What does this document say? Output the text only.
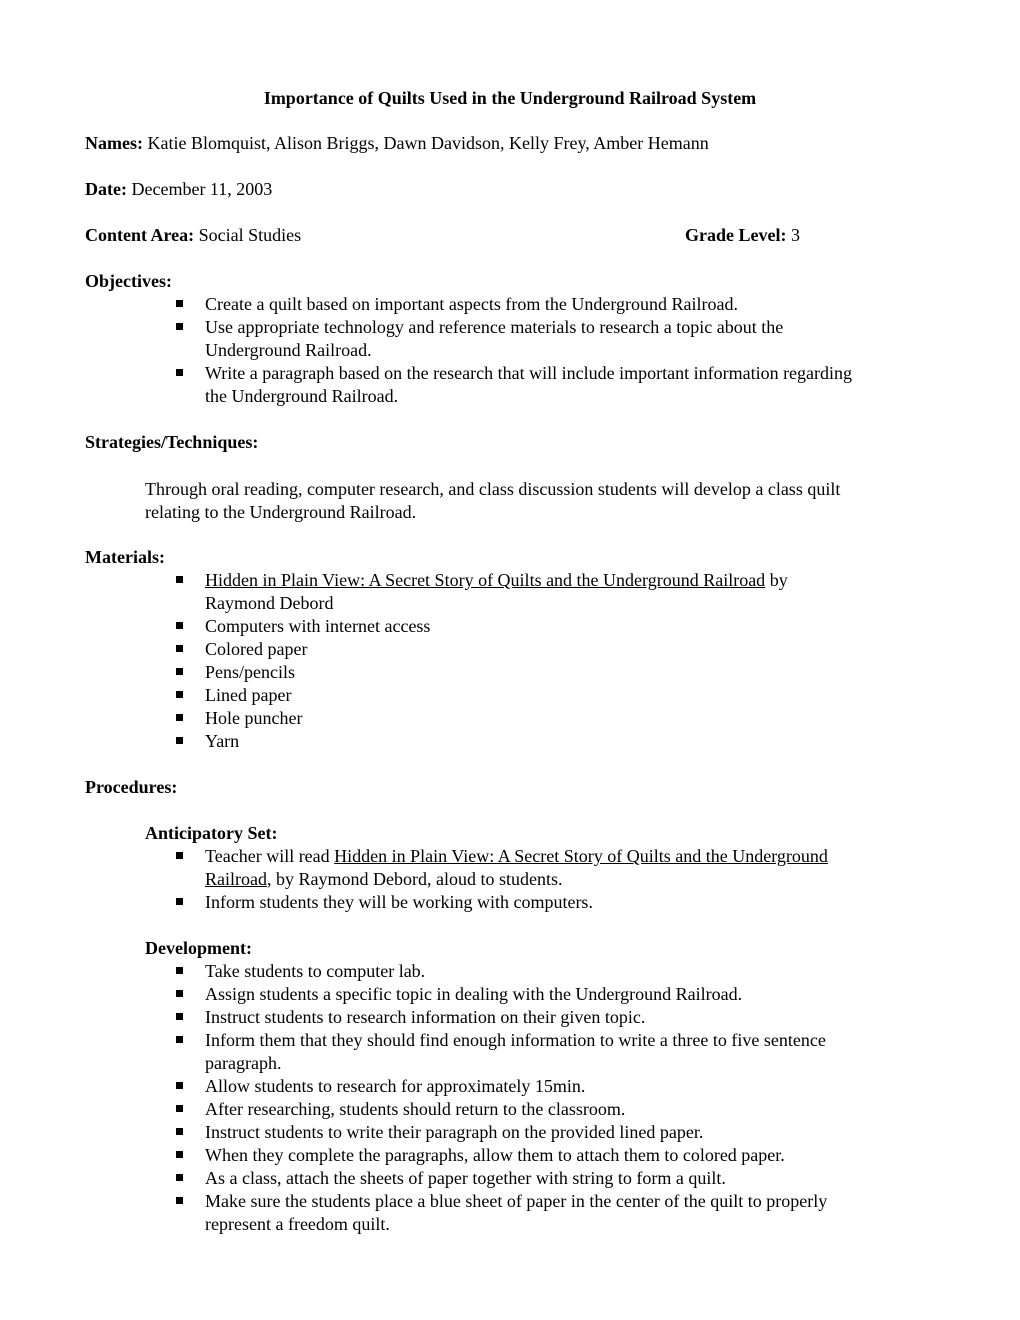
Importance of Quilts Used in the Underground Railroad System
Names: Katie Blomquist, Alison Briggs, Dawn Davidson, Kelly Frey, Amber Hemann
Date: December 11, 2003
Content Area: Social Studies	Grade Level: 3
Objectives:
Create a quilt based on important aspects from the Underground Railroad.
Use appropriate technology and reference materials to research a topic about the
Underground Railroad.
Write a paragraph based on the research that will include important information regarding
the Underground Railroad.
Strategies/Techniques:
Through oral reading, computer research, and class discussion students will develop a class quilt
relating to the Underground Railroad.
Materials:
Hidden in Plain View: A Secret Story of Quilts and the Underground Railroad by
Raymond Debord
Computers with internet access
Colored paper
Pens/pencils
Lined paper
Hole puncher
Yarn
Procedures:
Anticipatory Set:
Teacher will read Hidden in Plain View: A Secret Story of Quilts and the Underground
Railroad, by Raymond Debord, aloud to students.
Inform students they will be working with computers.
Development:
Take students to computer lab.
Assign students a specific topic in dealing with the Underground Railroad.
Instruct students to research information on their given topic.
Inform them that they should find enough information to write a three to five sentence
paragraph.
Allow students to research for approximately 15min.
After researching, students should return to the classroom.
Instruct students to write their paragraph on the provided lined paper.
When they complete the paragraphs, allow them to attach them to colored paper.
As a class, attach the sheets of paper together with string to form a quilt.
Make sure the students place a blue sheet of paper in the center of the quilt to properly
represent a freedom quilt.
